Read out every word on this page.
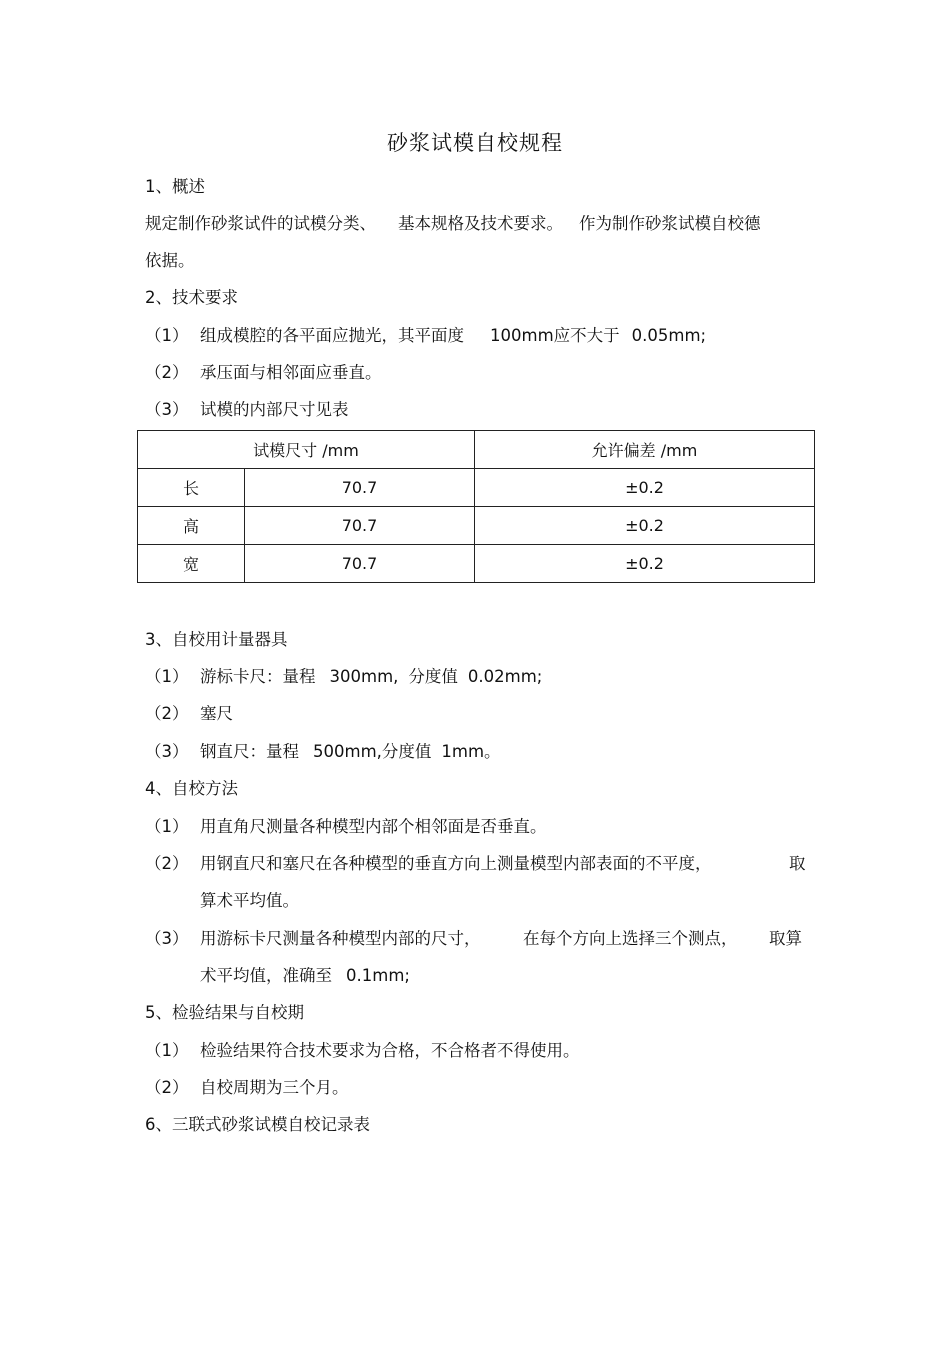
砂浆试模自校规程
1、概述
规定制作砂浆试件的试模分类、 基本规格及技术要求。 作为制作砂浆试模自校德
依据。
2、技术要求
（1） 组成模腔的各平面应抛光，其平面度 100mm应不大于 0.05mm;
（2） 承压面与相邻面应垂直。
（3） 试模的内部尺寸见表
试模尺寸 /mm		允许偏差 /mm
长	70.7	±0.2
高	70.7	±0.2
宽	70.7	±0.2
3、自校用计量器具
（1） 游标卡尺：量程 300mm, 分度值 0.02mm;
（2） 塞尺
（3） 钢直尺：量程 500mm,分度值 1mm。
4、自校方法
（1） 用直角尺测量各种模型内部个相邻面是否垂直。
（2） 用钢直尺和塞尺在各种模型的垂直方向上测量模型内部表面的不平度，	取
算术平均值。
（3） 用游标卡尺测量各种模型内部的尺寸，	在每个方向上选择三个测点， 取算
术平均值，准确至 0.1mm;
5、检验结果与自校期
（1） 检验结果符合技术要求为合格，不合格者不得使用。
（2） 自校周期为三个月。
6、三联式砂浆试模自校记录表
